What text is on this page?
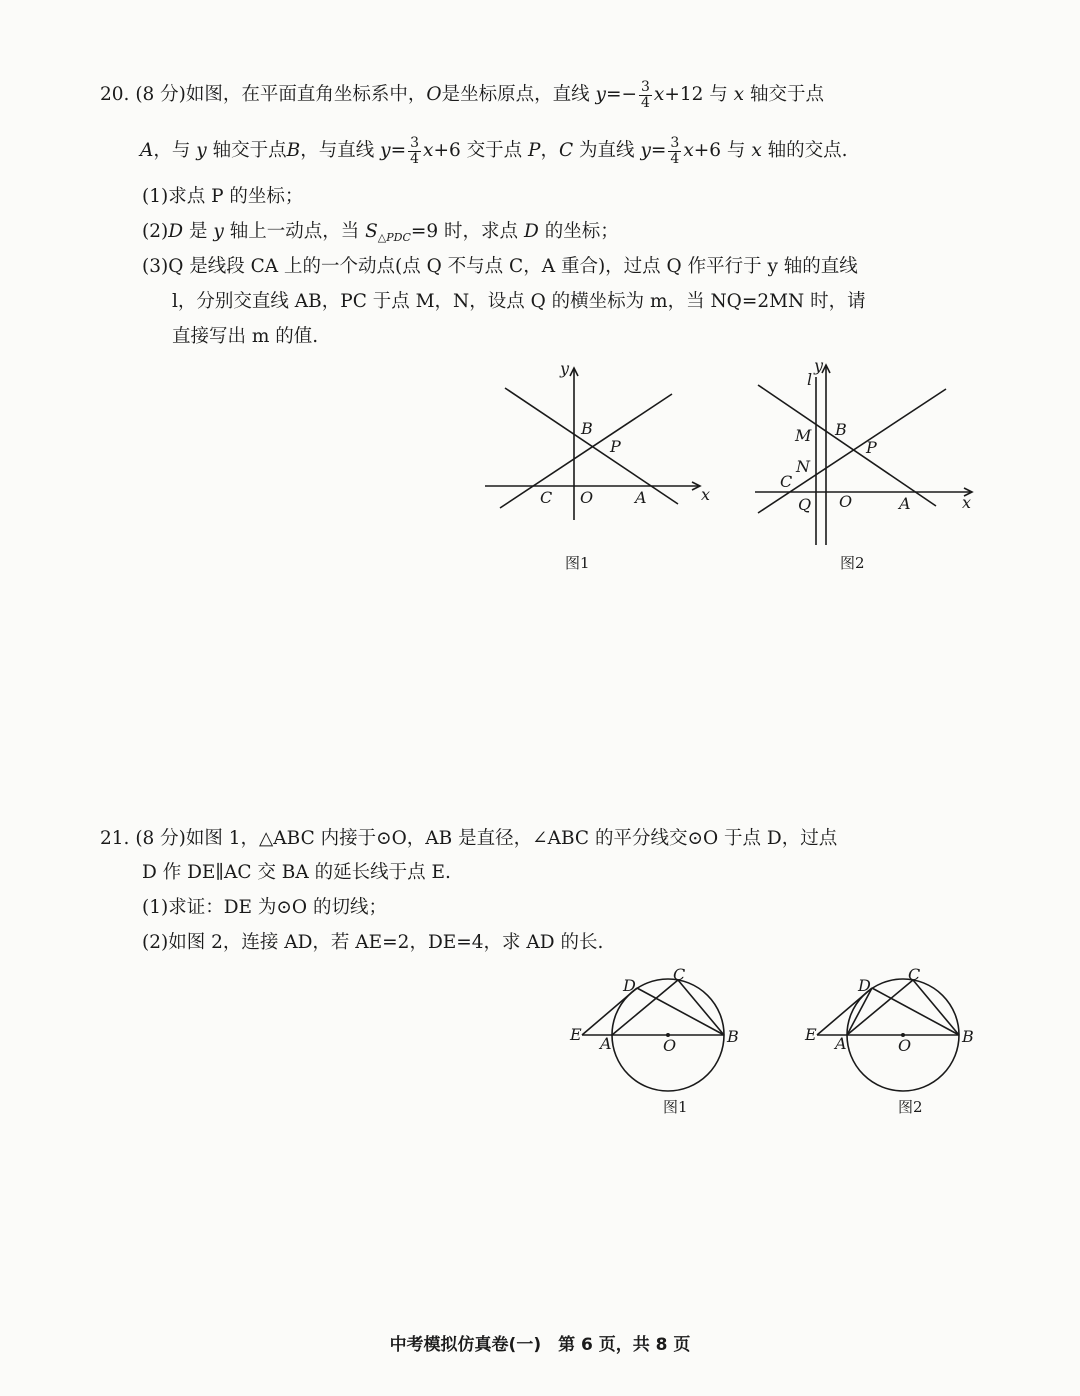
20. (8 分)如图，在平面直角坐标系中，O是坐标原点，直线 $y=- \frac{3}{4} x+12$ 与 x 轴交于点
A，与 y 轴交于点B，与直线 $y= \frac{3}{4} x+6$ 交于点 P，C 为直线 $y= \frac{3}{4} x+6$ 与 x 轴的交点.
(1)求点 P 的坐标；
(2)D 是 y 轴上一动点，当 $S_{\triangle PDC}=9$ 时，求点 D 的坐标；
(3)Q 是线段 CA 上的一个动点(点 Q 不与点 C，A 重合)，过点 Q 作平行于 y 轴的直线
l，分别交直线 AB，PC 于点 M，N，设点 Q 的横坐标为 m，当 NQ=2MN 时，请
直接写出 m 的值.
y
x
B
P
C O	A
图1
l
y
x
M B
P
N
C
Q O	A
图2
21. (8 分)如图 1，△ABC 内接于⊙O，AB 是直径，∠ABC 的平分线交⊙O 于点 D，过点
D 作 DE∥AC 交 BA 的延长线于点 E.
(1)求证：DE 为⊙O 的切线；
(2)如图 2，连接 AD，若 AE=2，DE=4，求 AD 的长.
D
C
E A	O	B
图1
D
C
E A	O	B
图2
中考模拟仿真卷(一)　第 6 页，共 8 页
